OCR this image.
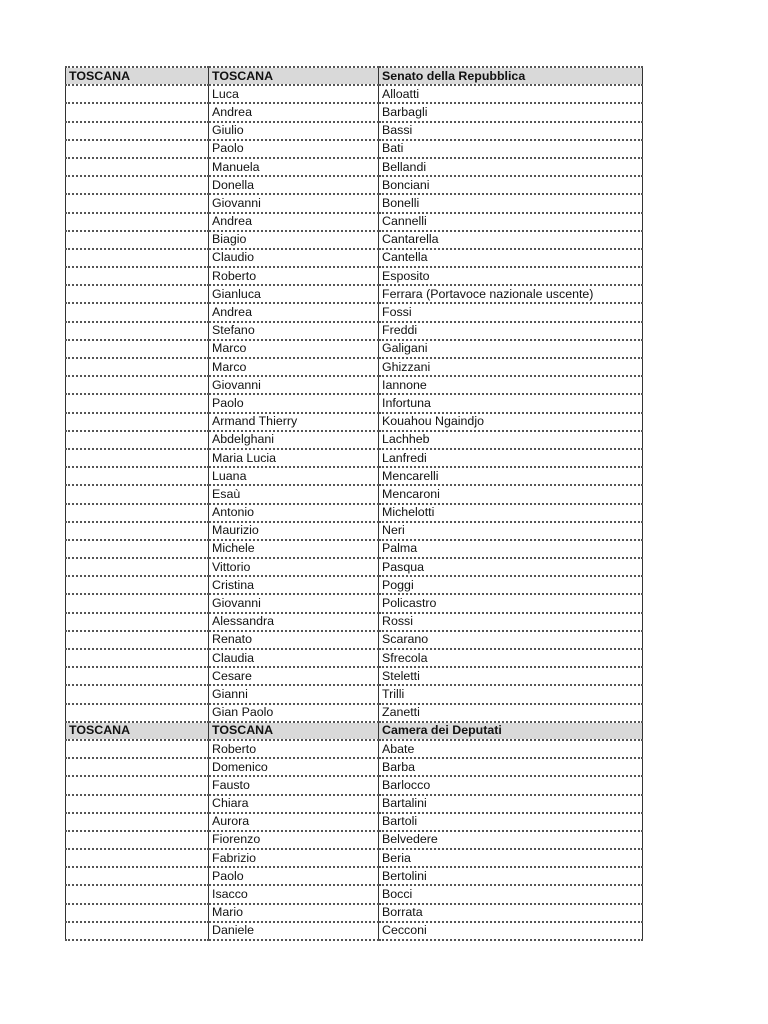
TOSCANA	TOSCANA	Senato della Repubblica
	Luca	Alloatti
	Andrea	Barbagli
	Giulio	Bassi
	Paolo	Bati
	Manuela	Bellandi
	Donella	Bonciani
	Giovanni	Bonelli
	Andrea	Cannelli
	Biagio	Cantarella
	Claudio	Cantella
	Roberto	Esposito
	Gianluca	Ferrara (Portavoce nazionale uscente)
	Andrea	Fossi
	Stefano	Freddi
	Marco	Galigani
	Marco	Ghizzani
	Giovanni	Iannone
	Paolo	Infortuna
	Armand Thierry	Kouahou Ngaindjo
	Abdelghani	Lachheb
	Maria Lucia	Lanfredi
	Luana	Mencarelli
	Esaù	Mencaroni
	Antonio	Michelotti
	Maurizio	Neri
	Michele	Palma
	Vittorio	Pasqua
	Cristina	Poggi
	Giovanni	Policastro
	Alessandra	Rossi
	Renato	Scarano
	Claudia	Sfrecola
	Cesare	Steletti
	Gianni	Trilli
	Gian Paolo	Zanetti
TOSCANA	TOSCANA	Camera dei Deputati
	Roberto	Abate
	Domenico	Barba
	Fausto	Barlocco
	Chiara	Bartalini
	Aurora	Bartoli
	Fiorenzo	Belvedere
	Fabrizio	Beria
	Paolo	Bertolini
	Isacco	Bocci
	Mario	Borrata
	Daniele	Cecconi
